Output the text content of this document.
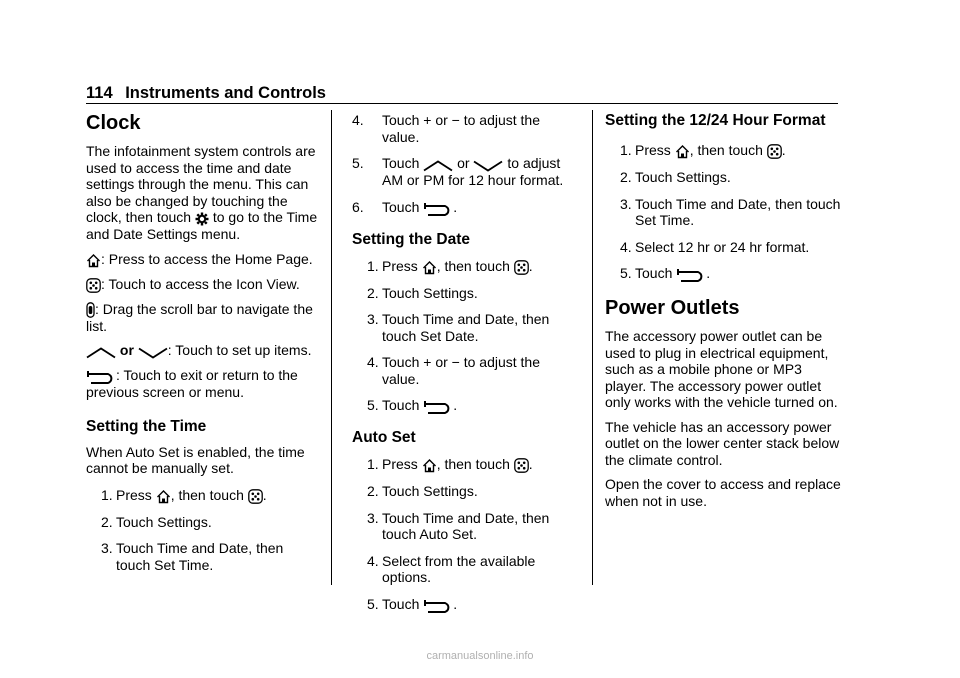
114 Instruments and Controls
Clock

The infotainment system controls are used to access the time and date settings through the menu. This can also be changed by touching the clock, then touch to go to the Time and Date Settings menu.

: Press to access the Home Page.

: Touch to access the Icon View.

: Drag the scroll bar to navigate the list.

or : Touch to set up items.

: Touch to exit or return to the previous screen or menu.

Setting the Time

When Auto Set is enabled, the time cannot be manually set.

1. Press , then touch .
2. Touch Settings.
3. Touch Time and Date, then touch Set Time.
4. Touch + or − to adjust the value.
5. Touch	or	to adjust
AM or PM for 12 hour format.
6. Touch .
Setting the Date
1. Press , then touch .
2. Touch Settings.
3. Touch Time and Date, then touch Set Date.
4. Touch + or − to adjust the value.
5. Touch .
Auto Set
1. Press , then touch .
2. Touch Settings.
3. Touch Time and Date, then touch Auto Set.
4. Select from the available options.
5. Touch .
Setting the 12/24 Hour Format
1. Press , then touch .
2. Touch Settings.
3. Touch Time and Date, then touch Set Time.
4. Select 12 hr or 24 hr format.
5. Touch .
Power Outlets

The accessory power outlet can be used to plug in electrical equipment, such as a mobile phone or MP3 player. The accessory power outlet only works with the vehicle turned on.

The vehicle has an accessory power outlet on the lower center stack below the climate control.

Open the cover to access and replace when not in use.

carmanualsonline.info
